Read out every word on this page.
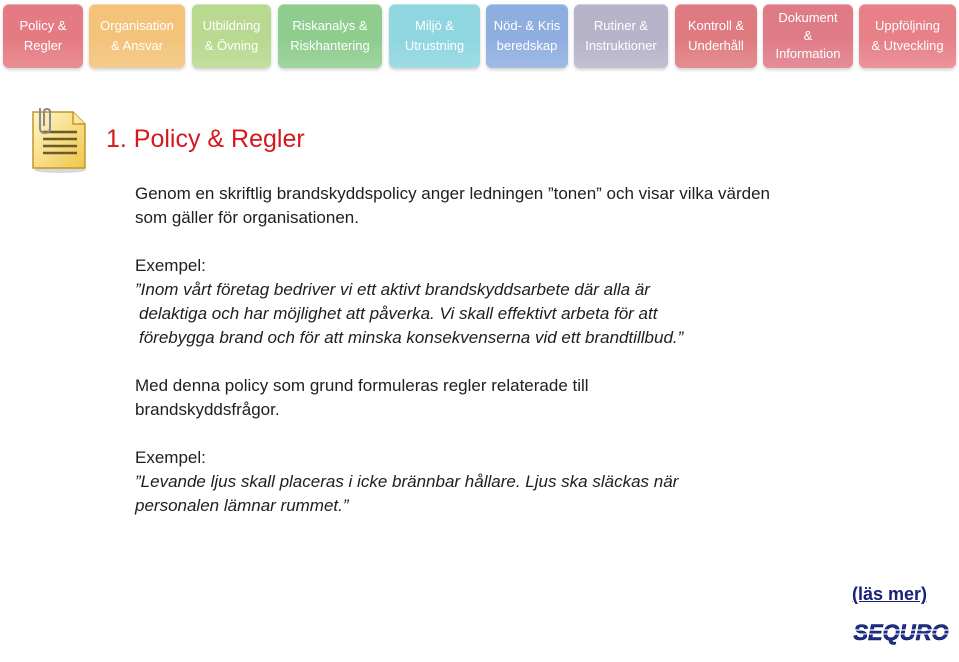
Policy &
Regler
Organisation
& Ansvar
Utbildning
& Övning
Riskanalys &
Riskhantering
Miljö &
Utrustning
Nöd- & Kris
beredskap
Rutiner &
Instruktioner
Kontroll &
Underhåll
Dokument
&
Information
Uppföljning
& Utveckling
1. Policy & Regler

Genom en skriftlig brandskyddspolicy anger ledningen ”tonen” och visar vilka värden som gäller för organisationen.

Exempel:

”Inom vårt företag bedriver vi ett aktivt brandskyddsarbete där alla är

delaktiga och har möjlighet att påverka. Vi skall effektivt arbeta för att

förebygga brand och för att minska konsekvenserna vid ett brandtillbud.”

Med denna policy som grund formuleras regler relaterade till brandskyddsfrågor.

Exempel:

”Levande ljus skall placeras i icke brännbar hållare. Ljus ska släckas när personalen lämnar rummet.”

(läs mer)
SEQURO
